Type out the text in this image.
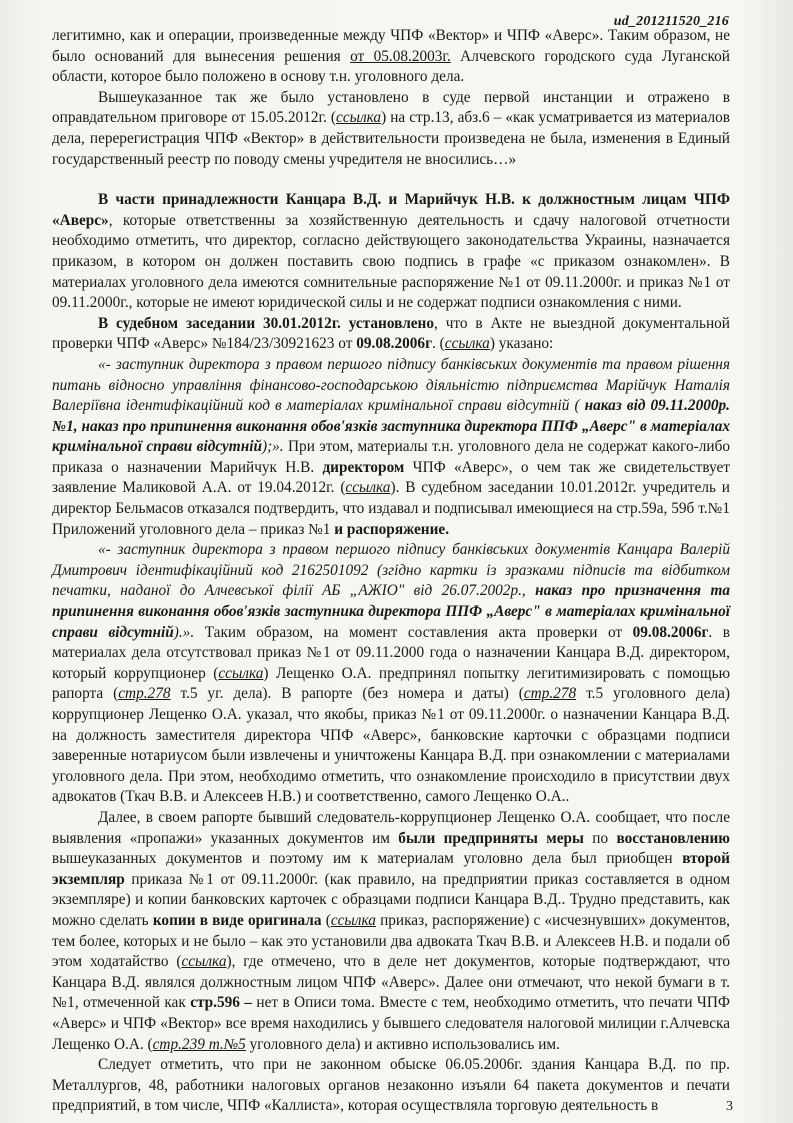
ud_201211520_216

легитимно, как и операции, произведенные между ЧПФ «Вектор» и ЧПФ «Аверс». Таким образом, не было оснований для вынесения решения от 05.08.2003г. Алчевского городского суда Луганской области, которое было положено в основу т.н. уголовного дела.

Вышеуказанное так же было установлено в суде первой инстанции и отражено в оправдательном приговоре от 15.05.2012г. (ссылка) на стр.13, абз.6 – «как усматривается из материалов дела, перерегистрация ЧПФ «Вектор» в действительности произведена не была, изменения в Единый государственный реестр по поводу смены учредителя не вносились…»

В части принадлежности Канцара В.Д. и Марийчук Н.В. к должностным лицам ЧПФ «Аверс», которые ответственны за хозяйственную деятельность и сдачу налоговой отчетности необходимо отметить, что директор, согласно действующего законодательства Украины, назначается приказом, в котором он должен поставить свою подпись в графе «с приказом ознакомлен». В материалах уголовного дела имеются сомнительные распоряжение №1 от 09.11.2000г. и приказ №1 от 09.11.2000г., которые не имеют юридической силы и не содержат подписи ознакомления с ними.

В судебном заседании 30.01.2012г. установлено, что в Акте не выездной документальной проверки ЧПФ «Аверс» №184/23/30921623 от 09.08.2006г. (ссылка) указано:

«- заступник директора з правом першого підпису банківських документів та правом рішення питань відносно управління фінансово-господарською діяльністю підприємства Марійчук Наталія Валеріївна ідентифікаційний код в матеріалах кримінальної справи відсутній ( наказ від 09.11.2000р. №1, наказ про припинення виконання обов'язків заступника директора ППФ „Аверс" в матеріалах кримінальної справи відсутній);». При этом, материалы т.н. уголовного дела не содержат какого-либо приказа о назначении Марийчук Н.В. директором ЧПФ «Аверс», о чем так же свидетельствует заявление Маликовой А.А. от 19.04.2012г. (ссылка). В судебном заседании 10.01.2012г. учредитель и директор Бельмасов отказался подтвердить, что издавал и подписывал имеющиеся на стр.59а, 59б т.№1 Приложений уголовного дела – приказ №1 и распоряжение.

«- заступник директора з правом першого підпису банківських документів Канцара Валерій Дмитрович ідентифікаційний код 2162501092 (згідно картки із зразками підписів та відбитком печатки, наданої до Алчевської філії АБ „АЖІО" від 26.07.2002р., наказ про призначення та припинення виконання обов'язків заступника директора ППФ „Аверс" в матеріалах кримінальної справи відсутній).». Таким образом, на момент составления акта проверки от 09.08.2006г. в материалах дела отсутствовал приказ №1 от 09.11.2000 года о назначении Канцара В.Д. директором, который коррупционер (ссылка) Лещенко О.А. предпринял попытку легитимизировать с помощью рапорта (стр.278 т.5 уг. дела). В рапорте (без номера и даты) (стр.278 т.5 уголовного дела) коррупционер Лещенко О.А. указал, что якобы, приказ №1 от 09.11.2000г. о назначении Канцара В.Д. на должность заместителя директора ЧПФ «Аверс», банковские карточки с образцами подписи заверенные нотариусом были извлечены и уничтожены Канцара В.Д. при ознакомлении с материалами уголовного дела. При этом, необходимо отметить, что ознакомление происходило в присутствии двух адвокатов (Ткач В.В. и Алексеев Н.В.) и соответственно, самого Лещенко О.А..

Далее, в своем рапорте бывший следователь-коррупционер Лещенко О.А. сообщает, что после выявления «пропажи» указанных документов им были предприняты меры по восстановлению вышеуказанных документов и поэтому им к материалам уголовно дела был приобщен второй экземпляр приказа №1 от 09.11.2000г. (как правило, на предприятии приказ составляется в одном экземпляре) и копии банковских карточек с образцами подписи Канцара В.Д.. Трудно представить, как можно сделать копии в виде оригинала (ссылка приказ, распоряжение) с «исчезнувших» документов, тем более, которых и не было – как это установили два адвоката Ткач В.В. и Алексеев Н.В. и подали об этом ходатайство (ссылка), где отмечено, что в деле нет документов, которые подтверждают, что Канцара В.Д. являлся должностным лицом ЧПФ «Аверс». Далее они отмечают, что некой бумаги в т.№1, отмеченной как стр.596 – нет в Описи тома. Вместе с тем, необходимо отметить, что печати ЧПФ «Аверс» и ЧПФ «Вектор» все время находились у бывшего следователя налоговой милиции г.Алчевска Лещенко О.А. (стр.239 т.№5 уголовного дела) и активно использовались им.

Следует отметить, что при не законном обыске 06.05.2006г. здания Канцара В.Д. по пр. Металлургов, 48, работники налоговых органов незаконно изъяли 64 пакета документов и печати предприятий, в том числе, ЧПФ «Каллиста», которая осуществляла торговую деятельность в	3
